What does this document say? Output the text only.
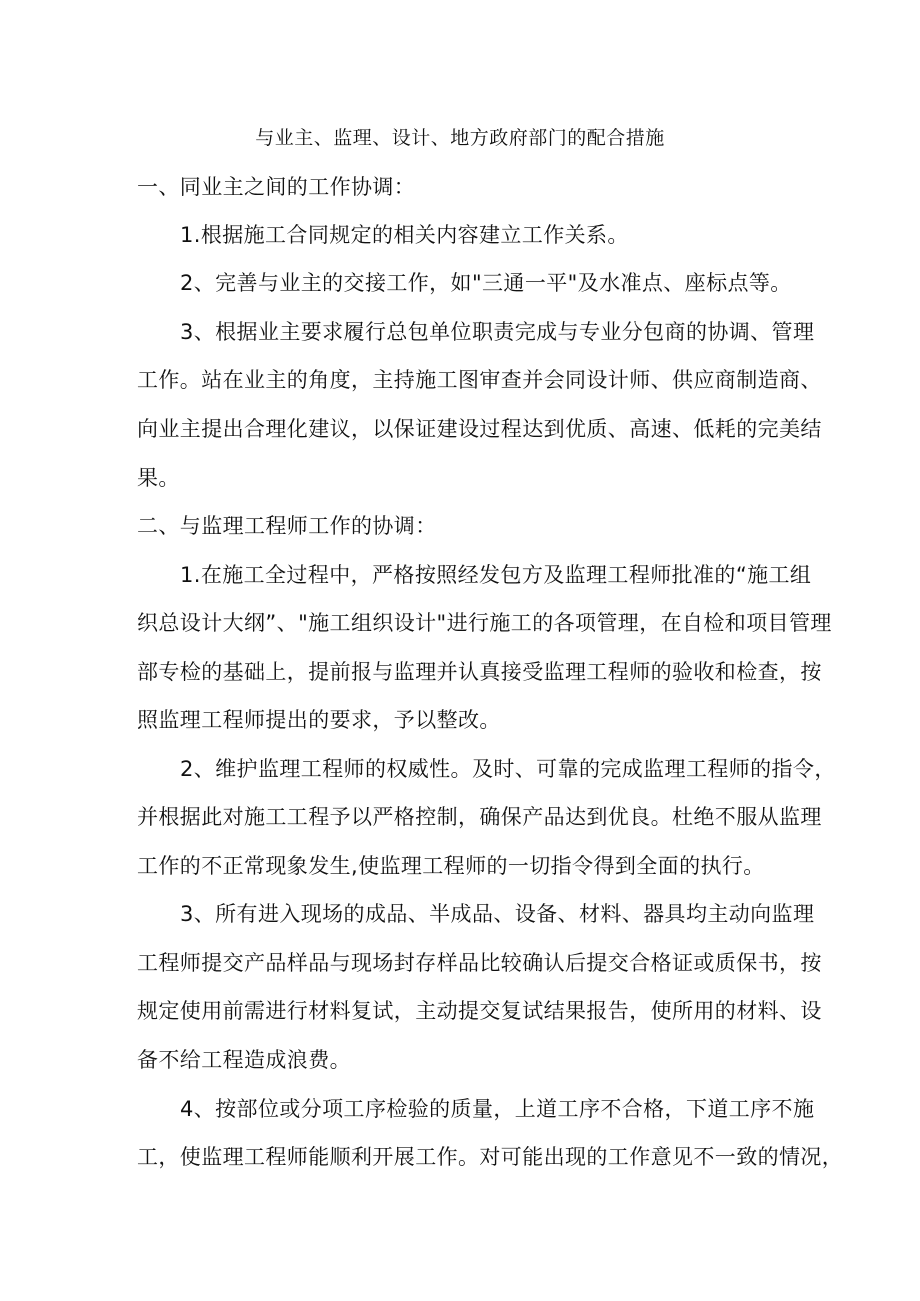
与业主、监理、设计、地方政府部门的配合措施
一、同业主之间的工作协调：
1.根据施工合同规定的相关内容建立工作关系。
2、完善与业主的交接工作，如"三通一平"及水准点、座标点等。
3、根据业主要求履行总包单位职责完成与专业分包商的协调、管理
工作。站在业主的角度，主持施工图审查并会同设计师、供应商制造商、
向业主提出合理化建议，以保证建设过程达到优质、高速、低耗的完美结
果。
二、与监理工程师工作的协调：
1.在施工全过程中，严格按照经发包方及监理工程师批准的“施工组
织总设计大纲”、"施工组织设计"进行施工的各项管理，在自检和项目管理
部专检的基础上，提前报与监理并认真接受监理工程师的验收和检查，按
照监理工程师提出的要求，予以整改。
2、维护监理工程师的权威性。及时、可靠的完成监理工程师的指令，
并根据此对施工工程予以严格控制，确保产品达到优良。杜绝不服从监理
工作的不正常现象发生,使监理工程师的一切指令得到全面的执行。
3、所有进入现场的成品、半成品、设备、材料、器具均主动向监理
工程师提交产品样品与现场封存样品比较确认后提交合格证或质保书，按
规定使用前需进行材料复试，主动提交复试结果报告，使所用的材料、设
备不给工程造成浪费。
4、按部位或分项工序检验的质量，上道工序不合格，下道工序不施
工，使监理工程师能顺利开展工作。对可能出现的工作意见不一致的情况，
